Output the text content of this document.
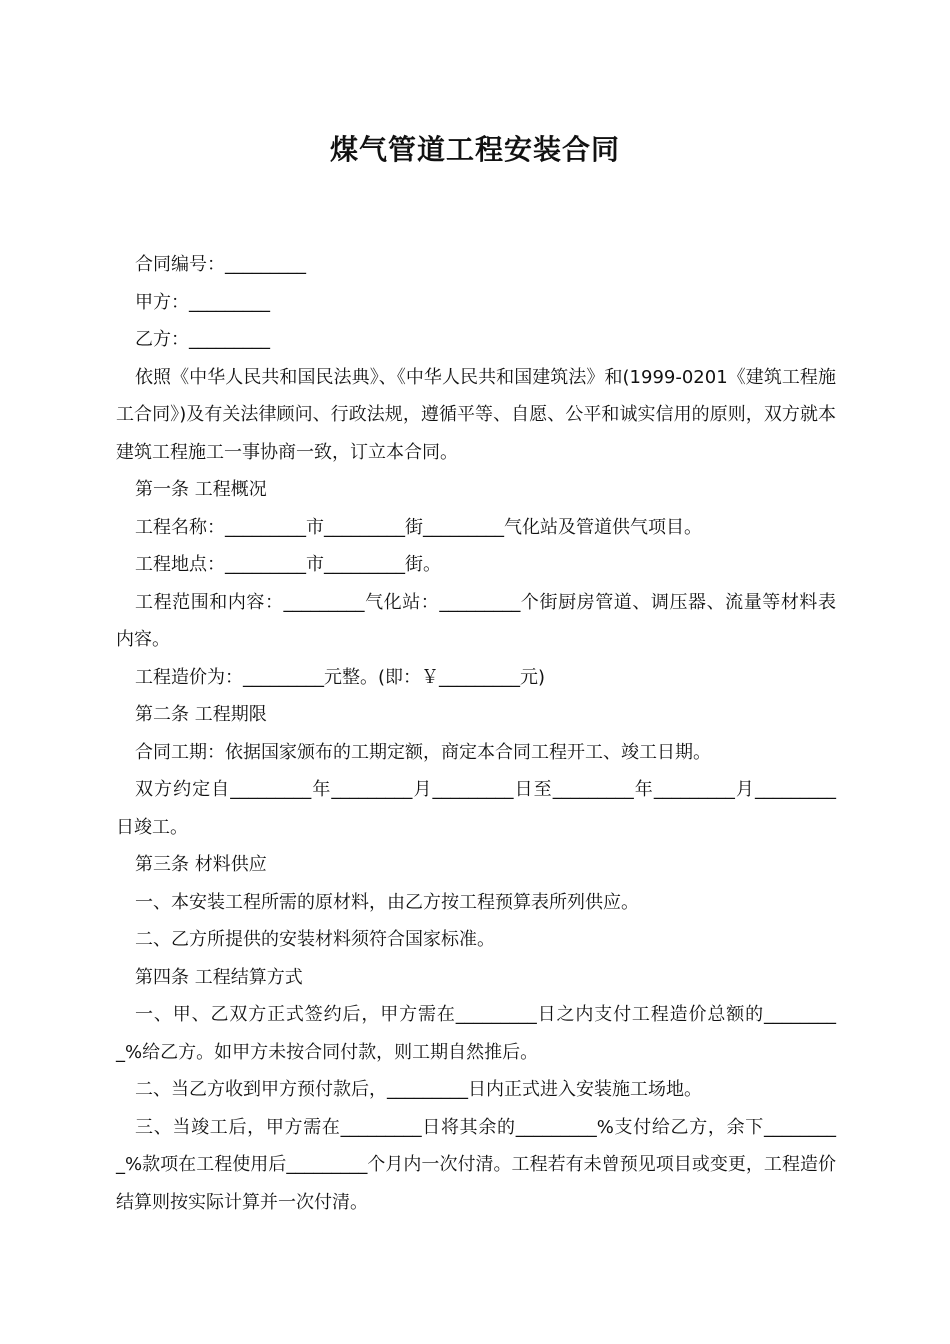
煤气管道工程安装合同

合同编号：_________

甲方：_________

乙方：_________

依照《中华人民共和国民法典》、《中华人民共和国建筑法》和(1999-0201《建筑工程施工合同》)及有关法律顾问、行政法规，遵循平等、自愿、公平和诚实信用的原则，双方就本建筑工程施工一事协商一致，订立本合同。

第一条 工程概况

工程名称：_________市_________街_________气化站及管道供气项目。

工程地点：_________市_________街。

工程范围和内容：_________气化站：_________个街厨房管道、调压器、流量等材料表内容。

工程造价为：_________元整。(即：￥_________元)

第二条 工程期限

合同工期：依据国家颁布的工期定额，商定本合同工程开工、竣工日期。

双方约定自_________年_________月_________日至_________年_________月_________日竣工。

第三条 材料供应

一、本安装工程所需的原材料，由乙方按工程预算表所列供应。

二、乙方所提供的安装材料须符合国家标准。

第四条 工程结算方式

一、甲、乙双方正式签约后，甲方需在_________日之内支付工程造价总额的_________%给乙方。如甲方未按合同付款，则工期自然推后。

二、当乙方收到甲方预付款后，_________日内正式进入安装施工场地。

三、当竣工后，甲方需在_________日将其余的_________%支付给乙方，余下_________%款项在工程使用后_________个月内一次付清。工程若有未曾预见项目或变更，工程造价结算则按实际计算并一次付清。
